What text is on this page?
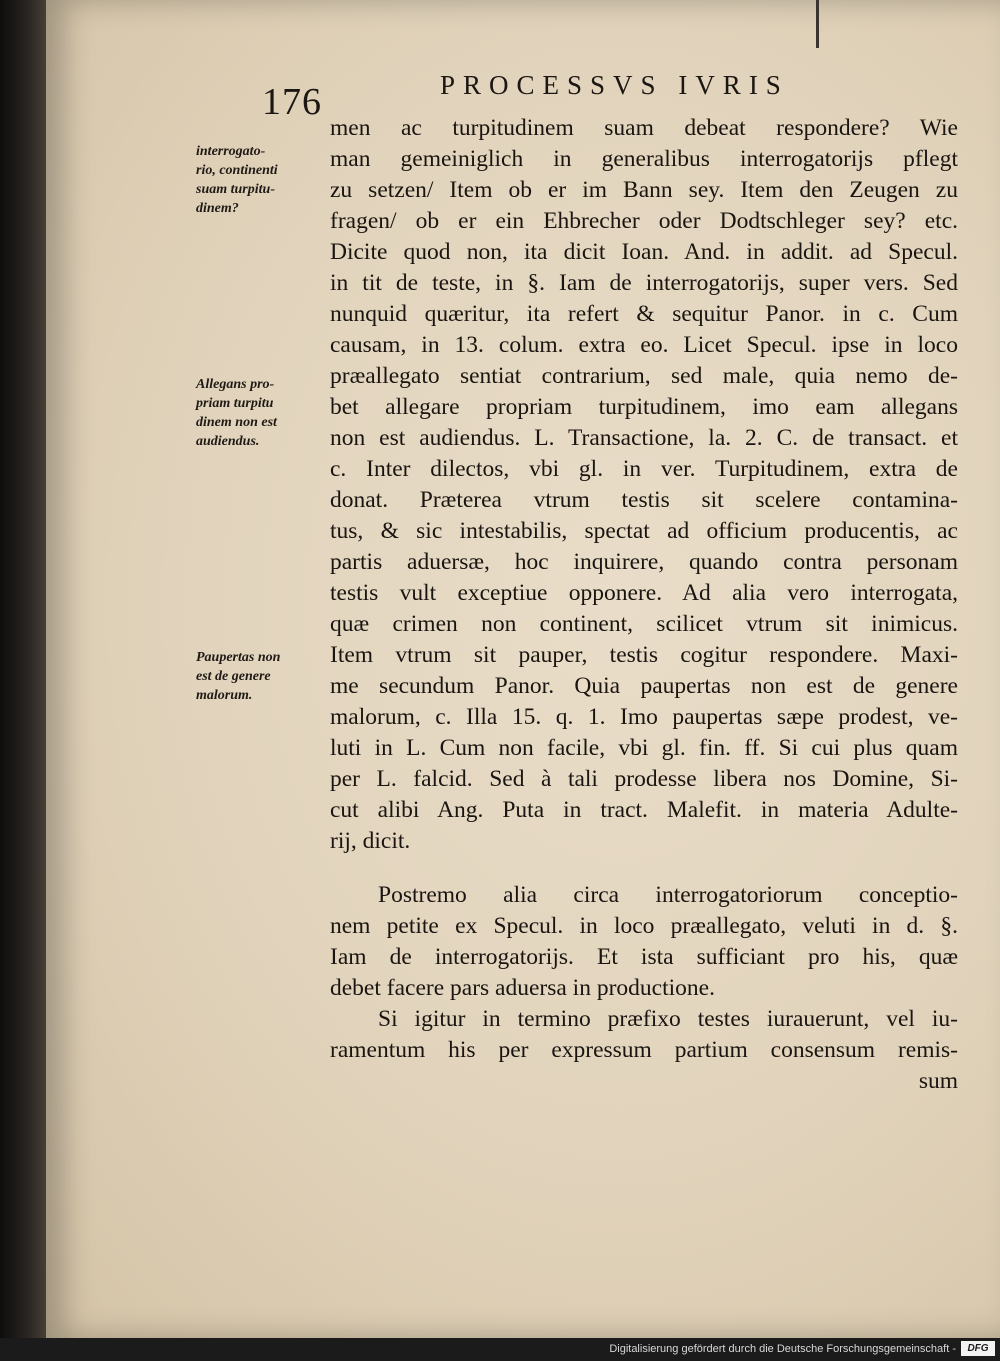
176	PROCESSVS IVRIS
interrogato-
rio, continenti
suam turpitu-
dinem?
Allegans pro-
priam turpitu
dinem non est
audiendus.
Paupertas non
est de genere
malorum.
men ac turpitudinem suam debeat respondere? Wie
man gemeiniglich in generalibus interrogatorijs pflegt
zu setzen/ Item ob er im Bann sey. Item den Zeugen zu
fragen/ ob er ein Ehbrecher oder Dodtschleger sey? etc.
Dicite quod non, ita dicit Ioan. And. in addit. ad Specul.
in tit de teste, in §. Iam de interrogatorijs, super vers. Sed
nunquid quæritur, ita refert & sequitur Panor. in c. Cum
causam, in 13. colum. extra eo. Licet Specul. ipse in loco
præallegato sentiat contrarium, sed male, quia nemo de-
bet allegare propriam turpitudinem, imo eam allegans
non est audiendus. L. Transactione, la. 2. C. de transact. et
c. Inter dilectos, vbi gl. in ver. Turpitudinem, extra de
donat. Præterea vtrum testis sit scelere contamina-
tus, & sic intestabilis, spectat ad officium producentis, ac
partis aduersæ, hoc inquirere, quando contra personam
testis vult exceptiue opponere. Ad alia vero interrogata,
quæ crimen non continent, scilicet vtrum sit inimicus.
Item vtrum sit pauper, testis cogitur respondere. Maxi-
me secundum Panor. Quia paupertas non est de genere
malorum, c. Illa 15. q. 1. Imo paupertas sæpe prodest, ve-
luti in L. Cum non facile, vbi gl. fin. ff. Si cui plus quam
per L. falcid. Sed à tali prodesse libera nos Domine, Si-
cut alibi Ang. Puta in tract. Malefit. in materia Adulte-
rij, dicit.
Postremo alia circa interrogatoriorum conceptio-
nem petite ex Specul. in loco præallegato, veluti in d. §.
Iam de interrogatorijs. Et ista sufficiant pro his, quæ
debet facere pars aduersa in productione.
Si igitur in termino præfixo testes iurauerunt, vel iu-
ramentum his per expressum partium consensum remis-
sum
Digitalisierung gefördert durch die Deutsche Forschungsgemeinschaft -	DFG
